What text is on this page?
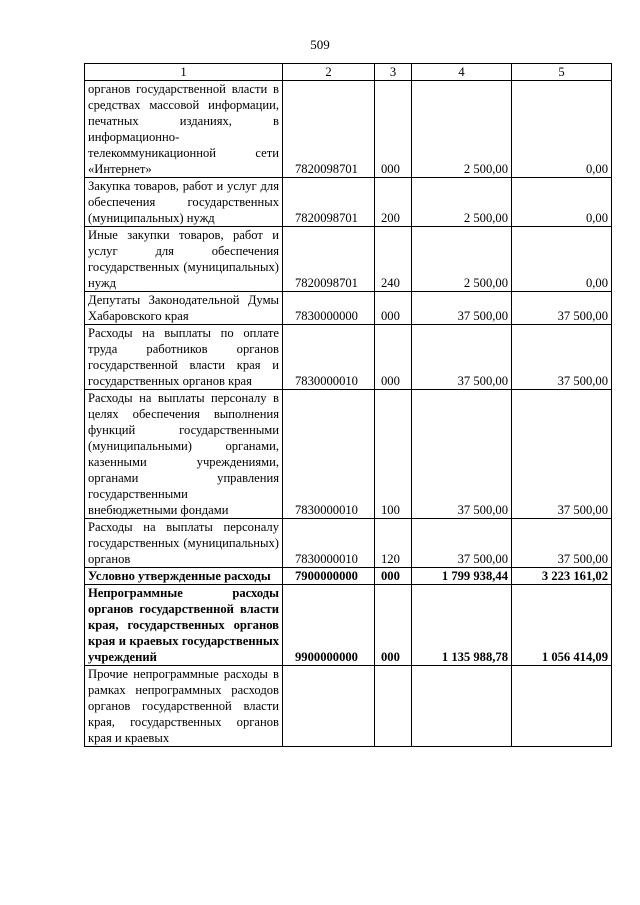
509
1	2	3	4	5
органов государственной власти в средствах массовой информации, печатных изданиях, в информационно-телекоммуникационной сети «Интернет»	7820098701	000	2 500,00	0,00
Закупка товаров, работ и услуг для обеспечения государственных (муниципальных) нужд	7820098701	200	2 500,00	0,00
Иные закупки товаров, работ и услуг для обеспечения государственных (муниципальных) нужд	7820098701	240	2 500,00	0,00
Депутаты Законодательной Думы Хабаровского края	7830000000	000	37 500,00	37 500,00
Расходы на выплаты по оплате труда работников органов государственной власти края и государственных органов края	7830000010	000	37 500,00	37 500,00
Расходы на выплаты персоналу в целях обеспечения выполнения функций государственными (муниципальными) органами, казенными учреждениями, органами управления государственными внебюджетными фондами	7830000010	100	37 500,00	37 500,00
Расходы на выплаты персоналу государственных (муниципальных) органов	7830000010	120	37 500,00	37 500,00
Условно утвержденные расходы	7900000000	000	1 799 938,44	3 223 161,02
Непрограммные расходы органов государственной власти края, государственных органов края и краевых государственных учреждений	9900000000	000	1 135 988,78	1 056 414,09

Прочие непрограммные расходы в рамках непрограммных расходов органов государственной власти края, государственных органов края и краевых				
